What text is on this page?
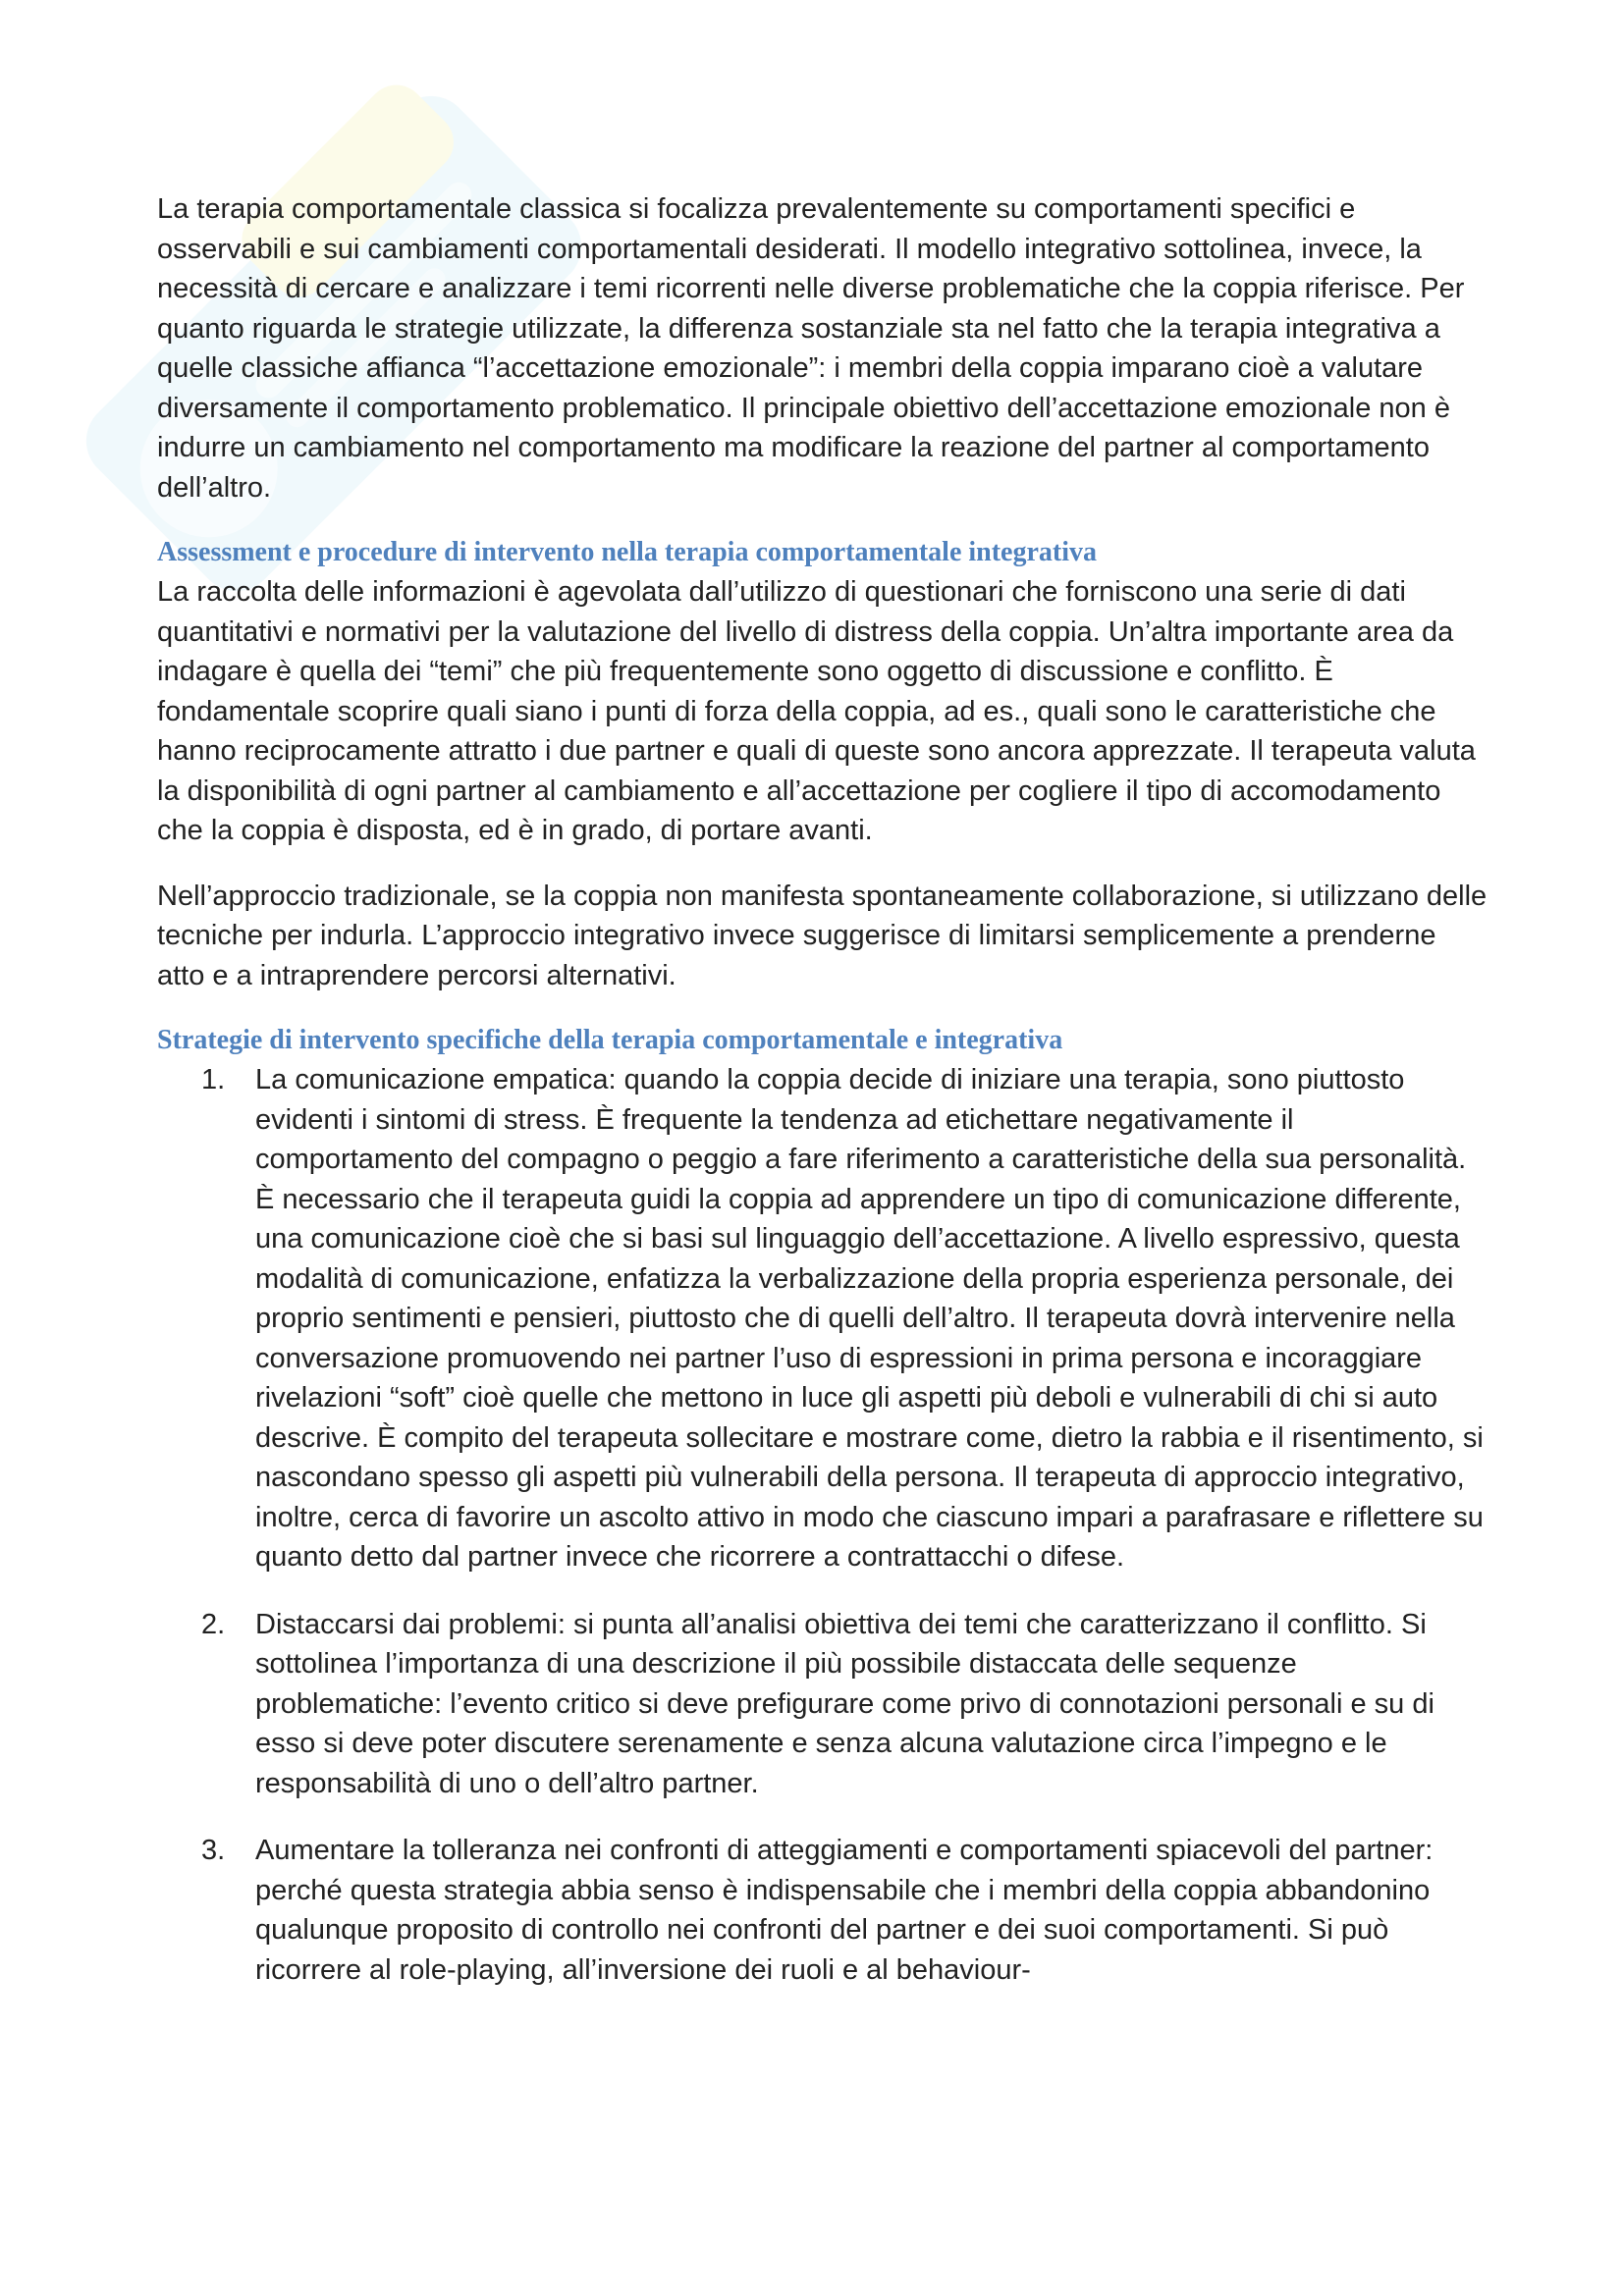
La terapia comportamentale classica si focalizza prevalentemente su comportamenti specifici e osservabili e sui cambiamenti comportamentali desiderati. Il modello integrativo sottolinea, invece, la necessità di cercare e analizzare i temi ricorrenti nelle diverse problematiche che la coppia riferisce. Per quanto riguarda le strategie utilizzate, la differenza sostanziale sta nel fatto che la terapia integrativa a quelle classiche affianca “l’accettazione emozionale”: i membri della coppia imparano cioè a valutare diversamente il comportamento problematico. Il principale obiettivo dell’accettazione emozionale non è indurre un cambiamento nel comportamento ma modificare la reazione del partner al comportamento dell’altro.

Assessment e procedure di intervento nella terapia comportamentale integrativa

La raccolta delle informazioni è agevolata dall’utilizzo di questionari che forniscono una serie di dati quantitativi e normativi per la valutazione del livello di distress della coppia. Un’altra importante area da indagare è quella dei “temi” che più frequentemente sono oggetto di discussione e conflitto. È fondamentale scoprire quali siano i punti di forza della coppia, ad es., quali sono le caratteristiche che hanno reciprocamente attratto i due partner e quali di queste sono ancora apprezzate. Il terapeuta valuta la disponibilità di ogni partner al cambiamento e all’accettazione per cogliere il tipo di accomodamento che la coppia è disposta, ed è in grado, di portare avanti.

Nell’approccio tradizionale, se la coppia non manifesta spontaneamente collaborazione, si utilizzano delle tecniche per indurla. L’approccio integrativo invece suggerisce di limitarsi semplicemente a prenderne atto e a intraprendere percorsi alternativi.

Strategie di intervento specifiche della terapia comportamentale e integrativa
1. La comunicazione empatica: quando la coppia decide di iniziare una terapia, sono piuttosto evidenti i sintomi di stress. È frequente la tendenza ad etichettare negativamente il comportamento del compagno o peggio a fare riferimento a caratteristiche della sua personalità. È necessario che il terapeuta guidi la coppia ad apprendere un tipo di comunicazione differente, una comunicazione cioè che si basi sul linguaggio dell’accettazione. A livello espressivo, questa modalità di comunicazione, enfatizza la verbalizzazione della propria esperienza personale, dei proprio sentimenti e pensieri, piuttosto che di quelli dell’altro. Il terapeuta dovrà intervenire nella conversazione promuovendo nei partner l’uso di espressioni in prima persona e incoraggiare rivelazioni “soft” cioè quelle che mettono in luce gli aspetti più deboli e vulnerabili di chi si auto descrive. È compito del terapeuta sollecitare e mostrare come, dietro la rabbia e il risentimento, si nascondano spesso gli aspetti più vulnerabili della persona. Il terapeuta di approccio integrativo, inoltre, cerca di favorire un ascolto attivo in modo che ciascuno impari a parafrasare e riflettere su quanto detto dal partner invece che ricorrere a contrattacchi o difese.
2. Distaccarsi dai problemi: si punta all’analisi obiettiva dei temi che caratterizzano il conflitto. Si sottolinea l’importanza di una descrizione il più possibile distaccata delle sequenze problematiche: l’evento critico si deve prefigurare come privo di connotazioni personali e su di esso si deve poter discutere serenamente e senza alcuna valutazione circa l’impegno e le responsabilità di uno o dell’altro partner.
3. Aumentare la tolleranza nei confronti di atteggiamenti e comportamenti spiacevoli del partner: perché questa strategia abbia senso è indispensabile che i membri della coppia abbandonino qualunque proposito di controllo nei confronti del partner e dei suoi comportamenti. Si può ricorrere al role-playing, all’inversione dei ruoli e al behaviour-
